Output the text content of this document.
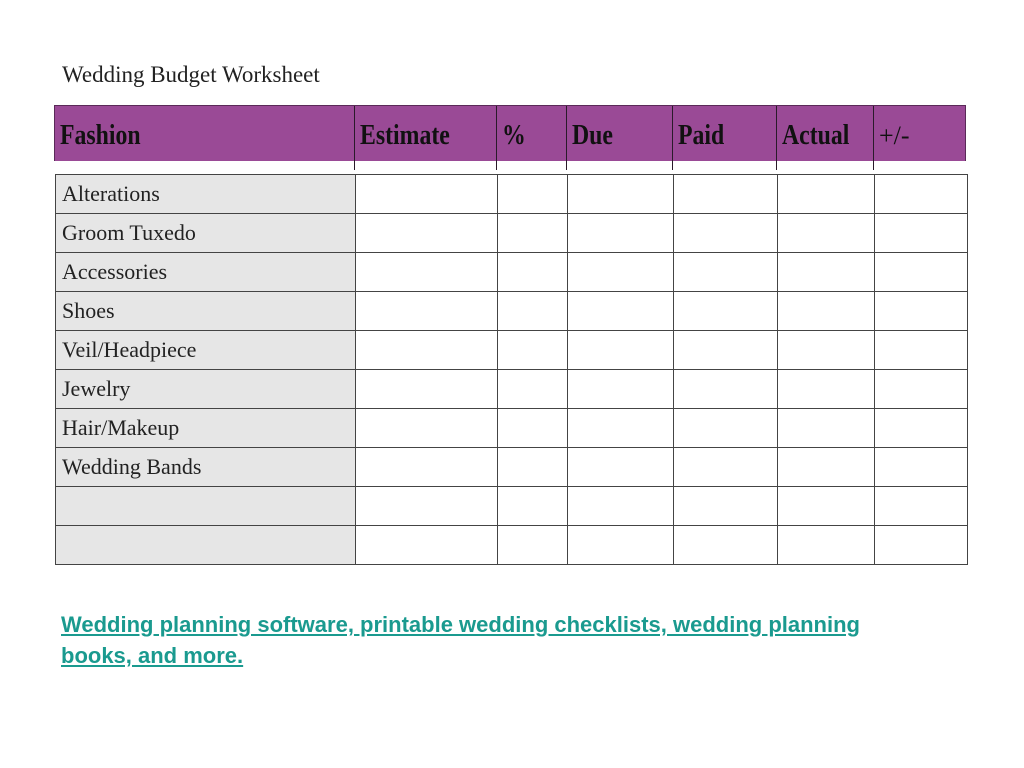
Wedding Budget Worksheet
Fashion	Estimate	%	Due	Paid	Actual	+/-
Alterations						
Groom Tuxedo						
Accessories						
Shoes						
Veil/Headpiece						
Jewelry						
Hair/Makeup						
Wedding Bands						

Wedding planning software, printable wedding checklists, wedding planning books, and more.
